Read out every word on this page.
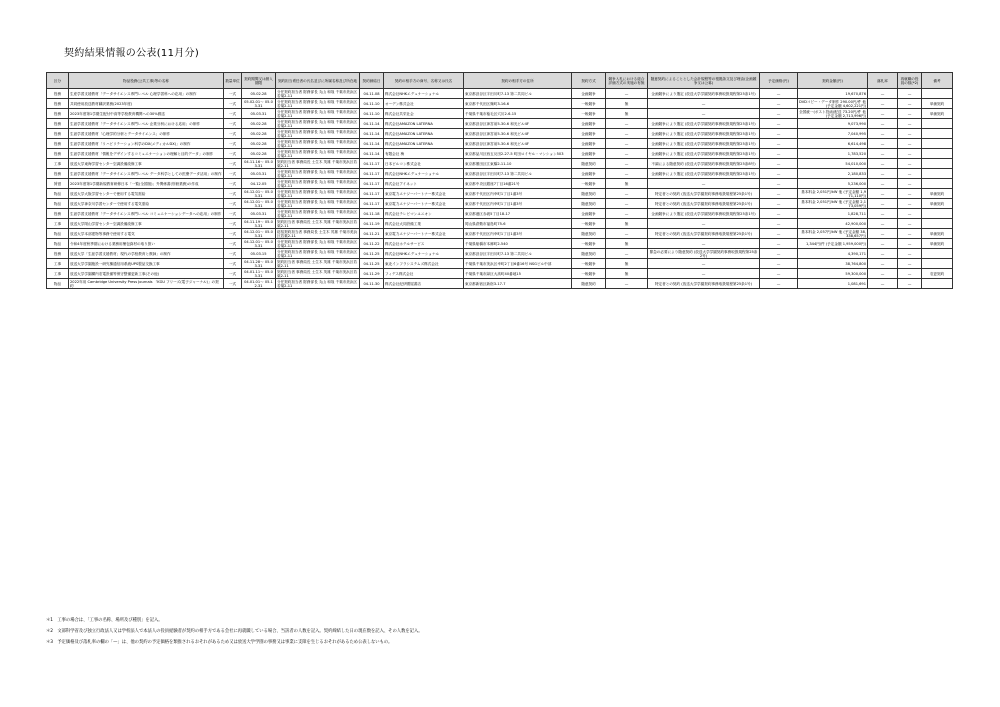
契約結果情報の公表(11月分)
区分	物品役務(公共工事)等の名称	数量単位	契約期間又は納入期限	契約担当責任者の氏名並びに所属名称及び所在地	契約締結日	契約の相手方の商号、名称又は氏名	契約の相手方の住所	契約方式	競争入札における総合評価方式の実施の有無	随意契約によることとした会計規程等の根拠条文及び理由(企画競争又は公募)	予定価格(円)	契約金額(円)	落札率	再就職の役員の数(*2)	備考
役務	生産学習支援教材「データサイエンス専門レベル 心理学習科への応用」の制作	一式	05.02.28	分任契約担当者 財務部長 丸山 和哉 千葉市美浜区若葉2-11	04.11.08	株式会社NHKエデュケーショナル	東京都渋谷区宇田川町7-13 第二共同ビル	企画競争	—	企画競争により選定 (放送大学学園契約事務取扱規程第25条1号)	—	19,670,876	—	—	
役務	共同使用放送教材翻訳業務(2023年度)	一式	05.02.01～ 05.03.31	分任契約担当者 財務部長 丸山 和哉 千葉市美浜区若葉2-11	04.11.10	オーデン株式会社	東京都千代田区麹町3-16-6	一般競争	無	—	—	DVDコピー・データ制作 290.00円/件 他 (予定金額 4,602,221円)	—	—	単価契約
役務	2023年度第1学期生配付中高等学校教育機関への30%郵送	一式	05.03.31	分任契約担当者 財務部長 丸山 和哉 千葉市美浜区若葉2-11	04.11.10	株式会社共栄社会	千葉県千葉市稲毛区穴川2-6-15	一般競争	無	—	—	全国統一(ポスト投函)配送 73.20円/件 他 (予定金額 2,713,996円)	—	—	単価契約
役務	生涯学習支援教材「データサイエンス専門レベル 企業分析における応用」の制作	一式	05.02.28	分任契約担当者 財務部長 丸山 和哉 千葉市美浜区若葉2-11	04.11.14	株式会社AMAZON LATERNA	東京都渋谷区神宮前5-30-6 和光ビル4F	企画競争	—	企画競争により選定 (放送大学学園契約事務取扱規程第25条1号)	—	9,073,990	—	—	
役務	生涯学習支援教材「心理学的分析とデータサイエンス」の制作	一式	05.02.28	分任契約担当者 財務部長 丸山 和哉 千葉市美浜区若葉2-11	04.11.14	株式会社AMAZON LATERNA	東京都渋谷区神宮前5-30-6 和光ビル4F	企画競争	—	企画競争により選定 (放送大学学園契約事務取扱規程第25条1号)	—	7,040,995	—	—	
役務	生涯学習支援教材「リハビリテーション科学のDX(メディカルDX)」の制作	一式	05.02.28	分任契約担当者 財務部長 丸山 和哉 千葉市美浜区若葉2-11	04.11.14	株式会社AMAZON LATERNA	東京都渋谷区神宮前5-30-6 和光ビル4F	企画競争	—	企画競争により選定 (放送大学学園契約事務取扱規程第25条1号)	—	6,614,498	—	—	
役務	生涯学習支援教材「情報をデザインするコミュニケーションの理解と目的データ」の制作	一式	05.02.28	分任契約担当者 財務部長 丸山 和哉 千葉市美浜区若葉2-11	04.11.14	有限会社 梅	東京都品川区西五反田2-27-5 町田ロイヤル・マンション503	企画競争	—	企画競争により選定 (放送大学学園契約事務取扱規程第25条1号)	—	1,783,520	—	—	
工事	放送大学東海学習センター空調設備改修工事	一式	04.11.16～ 05.03.31	契約担当者 事務局長 土生木 茂雄 千葉市美浜区若葉2-11	04.11.17	日本ビルコン株式会社	東京都墨田区江東橋2-11-10	随意契約	—	不調による随意契約 (放送大学学園契約事務取扱規程第25条8号)	—	54,010,000	—	—	
役務	生涯学習支援教材「データサイエンス専門レベル データ科学としての医療データ活用」の制作	一式	05.03.31	分任契約担当者 財務部長 丸山 和哉 千葉市美浜区若葉2-11	04.11.17	株式会社NHKエデュケーショナル	東京都渋谷区宇田川町7-13 第二共同ビル	企画競争	—	企画競争により選定 (放送大学学園契約事務取扱規程第25条1号)	—	2,180,833	—	—	
賃借	2023年度第1学期新規教育研修日本「一覧(全国版)」外関係書(別冊業務)の作成	一式	04.12.05	分任契約担当者 財務部長 丸山 和哉 千葉市美浜区若葉2-11	04.11.17	株式会社アイネット	東京都中央区銀座7丁目16番21号	一般競争	無	—	—	5,236,000	—	—	
物品	放送大学大阪学習センターで使用する電気需給	一式	04.12.01～ 05.03.31	分任契約担当者 財務部長 丸山 和哉 千葉市美浜区若葉2-11	04.11.17	東京電力エナジーパートナー株式会社	東京都千代田区内幸町1丁目1番3号	随意契約	—	特定者との契約 (放送大学学園契約事務取扱規程第25条1号)	—	基本料金 2,051円/kW 他 (予定金額 1,971,110円)	—	—	単価契約
物品	放送大学神奈川学習センターで使用する電気需給	一式	04.12.01～ 05.03.31	分任契約担当者 財務部長 丸山 和哉 千葉市美浜区若葉2-11	04.11.17	東京電力エナジーパートナー株式会社	東京都千代田区内幸町1丁目1番3号	随意契約	—	特定者との契約 (放送大学学園契約事務取扱規程第25条1号)	—	基本料金 2,051円/kW 他 (予定金額 2,173,059円)	—	—	単価契約
役務	生涯学習支援教材「データサイエンス専門レベル コミュニケーションデータへの応用」の制作	一式	05.03.31	分任契約担当者 財務部長 丸山 和哉 千葉市美浜区若葉2-11	04.11.18	株式会社テレビマンユニオン	東京都港区赤坂5丁目18-17	企画競争	—	企画競争により選定 (放送大学学園契約事務取扱規程第25条1号)	—	1,828,711	—	—	
工事	放送大学岡山学習センター空調設備改修工事	一式	04.11.19～ 05.03.31	契約担当者 事務局長 土生木 茂雄 千葉市美浜区若葉2-11	04.11.19	株式会社大同設備工業	岡山県倉敷市福島町75-6	一般競争	無	—	—	42,900,000	—	—	
物品	放送大学本部建物等事務で使用する電気	一式	04.12.01～ 05.03.31	総括契約担当者 事務局長 土生木 茂雄 千葉市美浜区若葉2-11	04.11.21	東京電力エナジーパートナー株式会社	東京都千代田区内幸町1丁目1番3号	随意契約	—	特定者との契約 (放送大学学園契約事務取扱規程第25条1号)	—	基本料金 2,057円/kW 他 (予定金額 38,338,657円)	—	—	単価契約
物品	令和4年度秋季期における業務用梱包資材の取り扱い	一式	04.12.01～ 05.03.31	分任契約担当者 財務部長 丸山 和哉 千葉市美浜区若葉2-11	04.11.22	株式会社ホテルサービス	千葉県船橋市本郷町2-540	一般競争	無	—	—	1,344円/件 (予定金額 1,959,000円)	—	—	単価契約
役務	放送大学「生涯学習支援教材」現代の学校教育と教師」の制作	一式	05.03.15	分任契約担当者 財務部長 丸山 和哉 千葉市美浜区若葉2-11	04.11.25	株式会社NHKエデュケーショナル	東京都渋谷区宇田川町7-13 第二共同ビル	随意契約	—	緊急の必要により随意契約 (放送大学学園契約事務取扱規程第25条2号)	—	4,390,171	—	—	
工事	放送大学学園施設一研究棟通信用系統UPS製品交換工事	一式	04.11.28～ 05.03.31	契約担当者 事務局長 土生木 茂雄 千葉市美浜区若葉2-11	04.11.25	東北インフラシステムズ株式会社	千葉県千葉市美浜区幸町2丁目6番16号 NSGビル中部	一般競争	無	—	—	38,764,800	—	—	
工事	放送大学学園構内変電設備等保守整備更新工事(その他)	一式	04.01.11～ 05.03.31	契約担当者 事務局長 土生木 茂雄 千葉市美浜区若葉2-11	04.11.29	フィデス株式会社	千葉県千葉市緑区大高町40番地15	一般競争	無	—	—	59,300,000	—	—	変更契約
物品	2022年用 Cambridge University Press Journals 「KGU フリーズ(電子ジャーナル)」の契約	一式	04.01.01～ 05.12.31	分任契約担当者 財務部長 丸山 和哉 千葉市美浜区若葉2-11	04.11.30	株式会社紀伊國屋書店	東京都新宿区新宿3-17-7	随意契約	—	特定者との契約 (放送大学学園契約事務取扱規程第25条1号)	—	1,081,691	—	—	
＊1　工事の場合は、「工事の名称、場所及び種別」を記入。
＊2　文部科学省及び独立行政法人又は学校法人で本法人の役員経験者が契約の相手方である会社に再就職している場合、当該者の人数を記入。契約締結した日の現在数を記入、その人数を記入。
＊3　予定価格及び落札率の欄の「—」は、他の契約の予定価格を類推されるおそれがあるため又は放送大学学園の事務又は事業に支障を生じるおそれがあるため公表しないもの。
